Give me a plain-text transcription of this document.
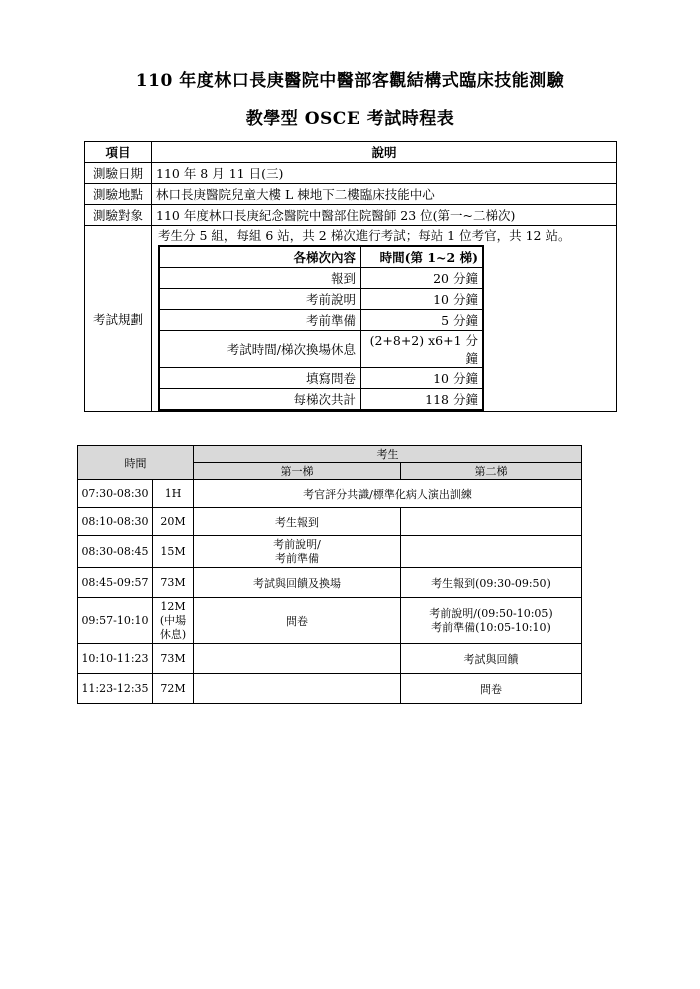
110 年度林口長庚醫院中醫部客觀結構式臨床技能測驗
教學型 OSCE 考試時程表
項目	說明
測驗日期	110 年 8 月 11 日(三)
測驗地點	林口長庚醫院兒童大樓 L 棟地下二樓臨床技能中心
測驗對象	110 年度林口長庚紀念醫院中醫部住院醫師 23 位(第一~二梯次)
考試規劃	
考生分 5 組，每組 6 站，共 2 梯次進行考試；每站 1 位考官，共 12 站。
各梯次內容	時間(第 1~2 梯)
報到	20 分鐘
考前說明	10 分鐘
考前準備	5 分鐘
考試時間/梯次換場休息	(2+8+2) x6+1 分鐘
填寫問卷	10 分鐘
每梯次共計	118 分鐘
時間		考生	
		第一梯	第二梯
07:30-08:30	1H	考官評分共識/標準化病人演出訓練	
08:10-08:30	20M	考生報到	
08:30-08:45	15M	考前說明/
考前準備	

08:45-09:57	73M	考試與回饋及換場	考生報到(09:30-09:50)
09:57-10:10	12M
(中場
休息)	問卷	考前說明/(09:50-10:05)
考前準備(10:05-10:10)

10:10-11:23	73M		考試與回饋
11:23-12:35	72M		問卷
